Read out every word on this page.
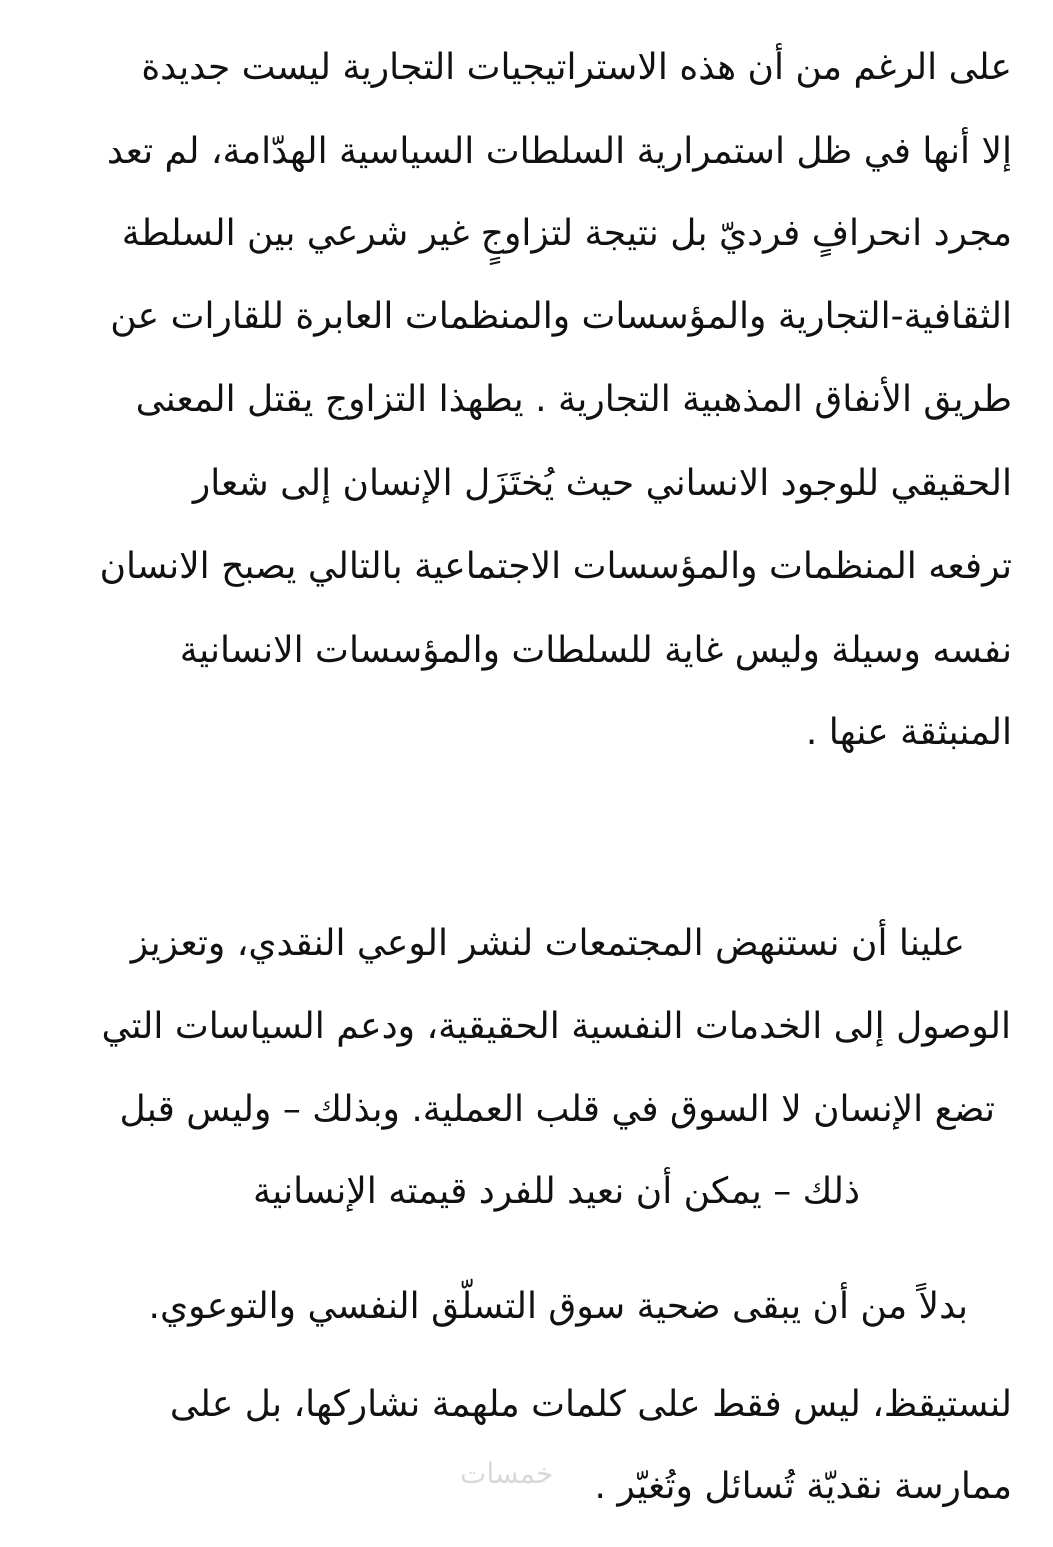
على الرغم من أن هذه الاستراتيجيات التجارية ليست جديدة
إلا أنها في ظل استمرارية السلطات السياسية الهدّامة، لم تعد
مجرد انحرافٍ فرديّ بل نتيجة لتزاوجٍ غير شرعي بين السلطة
الثقافية-التجارية والمؤسسات والمنظمات العابرة للقارات عن
طريق الأنفاق المذهبية التجارية . يطهذا التزاوج يقتل المعنى
الحقيقي للوجود الانساني حيث يُختَزَل الإنسان إلى شعار
ترفعه المنظمات والمؤسسات الاجتماعية بالتالي يصبح الانسان
نفسه وسيلة وليس غاية للسلطات والمؤسسات الانسانية
المنبثقة عنها .
علينا أن نستنهض المجتمعات لنشر الوعي النقدي، وتعزيز
الوصول إلى الخدمات النفسية الحقيقية، ودعم السياسات التي
تضع الإنسان لا السوق في قلب العملية. وبذلك – وليس قبل
ذلك – يمكن أن نعيد للفرد قيمته الإنسانية
بدلاً من أن يبقى ضحية سوق التسلّق النفسي والتوعوي.
لنستيقظ، ليس فقط على كلمات ملهمة نشاركها، بل على
ممارسة نقديّة تُسائل وتُغيّر .
خمسات
